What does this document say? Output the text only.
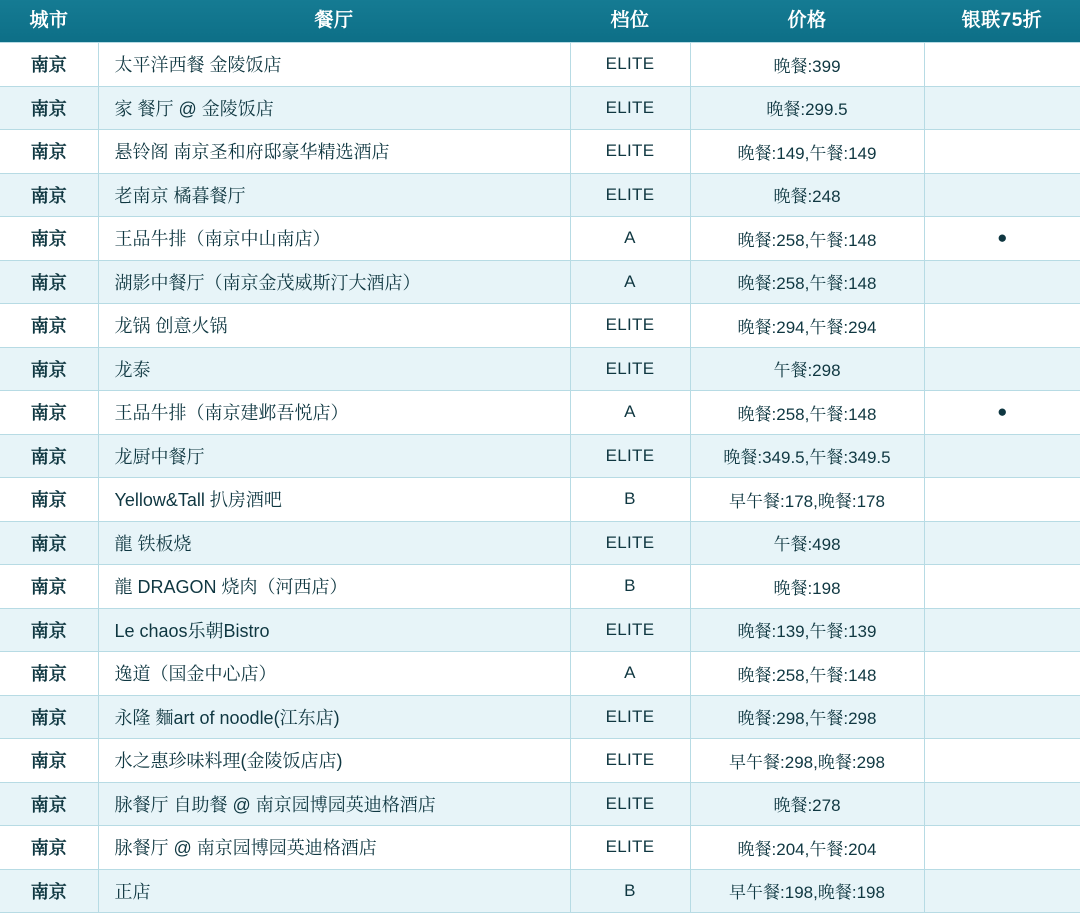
城市	餐厅	档位	价格	银联75折
南京	太平洋西餐 金陵饭店	ELITE	晚餐:399	
南京	家 餐厅 @ 金陵饭店	ELITE	晚餐:299.5	
南京	悬铃阁 南京圣和府邸豪华精选酒店	ELITE	晚餐:149,午餐:149	
南京	老南京 橘暮餐厅	ELITE	晚餐:248	
南京	王品牛排（南京中山南店）	A	晚餐:258,午餐:148	●
南京	湖影中餐厅（南京金茂威斯汀大酒店）	A	晚餐:258,午餐:148	
南京	龙锅 创意火锅	ELITE	晚餐:294,午餐:294	
南京	龙泰	ELITE	午餐:298	
南京	王品牛排（南京建邺吾悦店）	A	晚餐:258,午餐:148	●
南京	龙厨中餐厅	ELITE	晚餐:349.5,午餐:349.5	
南京	Yellow&Tall 扒房酒吧	B	早午餐:178,晚餐:178	
南京	龍 铁板烧	ELITE	午餐:498	
南京	龍 DRAGON 烧肉（河西店）	B	晚餐:198	
南京	Le chaos乐朝Bistro	ELITE	晚餐:139,午餐:139	
南京	逸道（国金中心店）	A	晚餐:258,午餐:148	
南京	永隆 麵art of noodle(江东店)	ELITE	晚餐:298,午餐:298	
南京	水之惠珍味料理(金陵饭店店)	ELITE	早午餐:298,晚餐:298	
南京	脉餐厅 自助餐 @ 南京园博园英迪格酒店	ELITE	晚餐:278	
南京	脉餐厅 @ 南京园博园英迪格酒店	ELITE	晚餐:204,午餐:204	
南京	正店	B	早午餐:198,晚餐:198	
